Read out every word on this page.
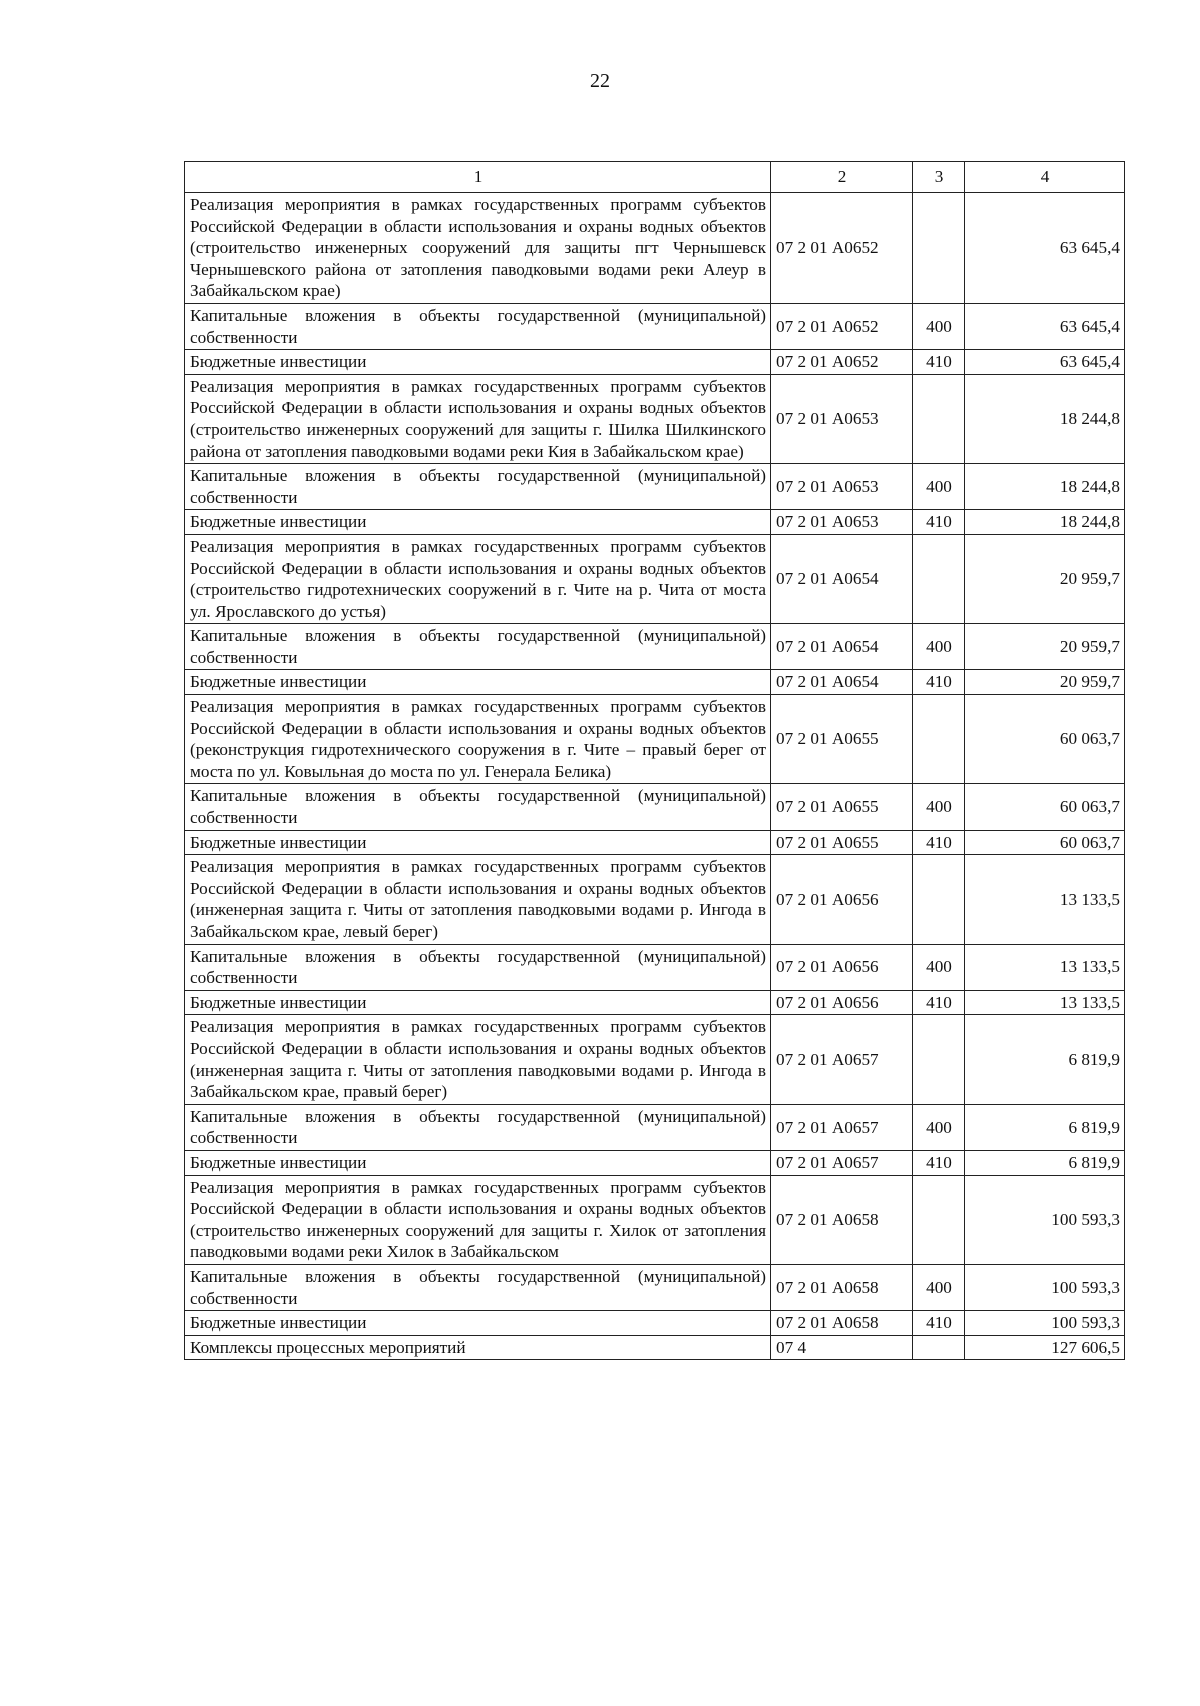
22
1	2	3	4
Реализация мероприятия в рамках государственных программ субъектов Российской Федерации в области использования и охраны водных объектов (строительство инженерных сооружений для защиты пгт Чернышевск Чернышевского района от затопления паводковыми водами реки Алеур в Забайкальском крае)	07 2 01 А0652		63 645,4
Капитальные вложения в объекты государственной (муниципальной) собственности	07 2 01 А0652	400	63 645,4
Бюджетные инвестиции	07 2 01 А0652	410	63 645,4
Реализация мероприятия в рамках государственных программ субъектов Российской Федерации в области использования и охраны водных объектов (строительство инженерных сооружений для защиты г. Шилка Шилкинского района от затопления паводковыми водами реки Кия в Забайкальском крае)	07 2 01 А0653		18 244,8
Капитальные вложения в объекты государственной (муниципальной) собственности	07 2 01 А0653	400	18 244,8
Бюджетные инвестиции	07 2 01 А0653	410	18 244,8
Реализация мероприятия в рамках государственных программ субъектов Российской Федерации в области использования и охраны водных объектов (строительство гидротехнических сооружений в г. Чите на р. Чита от моста ул. Ярославского до устья)	07 2 01 А0654		20 959,7
Капитальные вложения в объекты государственной (муниципальной) собственности	07 2 01 А0654	400	20 959,7
Бюджетные инвестиции	07 2 01 А0654	410	20 959,7
Реализация мероприятия в рамках государственных программ субъектов Российской Федерации в области использования и охраны водных объектов (реконструкция гидротехнического сооружения в г. Чите – правый берег от моста по ул. Ковыльная до моста по ул. Генерала Белика)	07 2 01 А0655		60 063,7
Капитальные вложения в объекты государственной (муниципальной) собственности	07 2 01 А0655	400	60 063,7
Бюджетные инвестиции	07 2 01 А0655	410	60 063,7
Реализация мероприятия в рамках государственных программ субъектов Российской Федерации в области использования и охраны водных объектов (инженерная защита г. Читы от затопления паводковыми водами р. Ингода в Забайкальском крае, левый берег)	07 2 01 А0656		13 133,5
Капитальные вложения в объекты государственной (муниципальной) собственности	07 2 01 А0656	400	13 133,5
Бюджетные инвестиции	07 2 01 А0656	410	13 133,5
Реализация мероприятия в рамках государственных программ субъектов Российской Федерации в области использования и охраны водных объектов (инженерная защита г. Читы от затопления паводковыми водами р. Ингода в Забайкальском крае, правый берег)	07 2 01 А0657		6 819,9
Капитальные вложения в объекты государственной (муниципальной) собственности	07 2 01 А0657	400	6 819,9
Бюджетные инвестиции	07 2 01 А0657	410	6 819,9
Реализация мероприятия в рамках государственных программ субъектов Российской Федерации в области использования и охраны водных объектов (строительство инженерных сооружений для защиты г. Хилок от затопления паводковыми водами реки Хилок в Забайкальском	07 2 01 А0658		100 593,3
Капитальные вложения в объекты государственной (муниципальной) собственности	07 2 01 А0658	400	100 593,3
Бюджетные инвестиции	07 2 01 А0658	410	100 593,3
Комплексы процессных мероприятий	07 4		127 606,5
